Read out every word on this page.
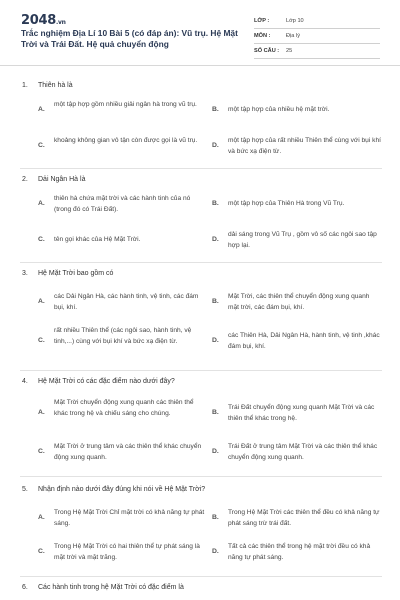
2048.vn
Trắc nghiệm Địa Lí 10 Bài 5 (có đáp án): Vũ trụ. Hệ Mặt Trời và Trái Đất. Hệ quả chuyển động
LỚP :	Lớp 10
MÔN :	Địa lý
SỐ CÂU : 25
1. Thiên hà là
A.
một tập hợp gồm nhiều giải ngân hà trong vũ trụ.
B. một tập hợp của nhiều hệ mặt trời.
C.
khoảng không gian vô tận còn được gọi là vũ trụ.
D.
một tập hợp của rất nhiều Thiên thể cùng với bụi khí và bức xạ điện từ.
2. Dải Ngân Hà là
A.
thiên hà chứa mặt trời và các hành tinh của nó (trong đó có Trái Đất).
B. một tập hợp của Thiên Hà trong Vũ Trụ.
C. tên gọi khác của Hệ Mặt Trời.	D.
dải sáng trong Vũ Trụ , gồm vô số các ngôi sao tập hợp lại.
3. Hệ Mặt Trời bao gồm có
A.
các Dải Ngân Hà, các hành tinh, vệ tinh, các đám bụi, khí.
B.
Mặt Trời, các thiên thể chuyển động xung quanh mặt trời, các đám bụi, khí.
C.
rất nhiều Thiên thể (các ngôi sao, hành tinh, vệ tinh,...) cùng với bụi khí và bức xạ điện từ.	D.
các Thiên Hà, Dải Ngân Hà, hành tinh, vệ tinh ,khác đám bụi, khí.
4. Hệ Mặt Trời có các đặc điểm nào dưới đây?
A.
Mặt Trời chuyển động xung quanh các thiên thể khác trong hệ và chiếu sáng cho chúng.	B.
Trái Đất chuyển động xung quanh Mặt Trời và các thiên thể khác trong hệ.
C.
Mặt Trời ở trung tâm và các thiên thể khác chuyển động xung quanh.
D.
Trái Đất ở trung tâm Mặt Trời và các thiên thể khác chuyển động xung quanh.
5. Nhận định nào dưới đây đúng khi nói về Hệ Mặt Trời?
A.
Trong Hệ Mặt Trời Chỉ mặt trời có khả năng tự phát sáng.
B.
Trong Hệ Mặt Trời các thiên thể đều có khả năng tự phát sáng trừ trái đất.
C.
Trong Hệ Mặt Trời có hai thiên thể tự phát sáng là mặt trời và mặt trăng.
D.
Tất cả các thiên thể trong hệ mặt trời đều có khả năng tự phát sáng.
6. Các hành tinh trong hệ Mặt Trời có đặc điểm là
